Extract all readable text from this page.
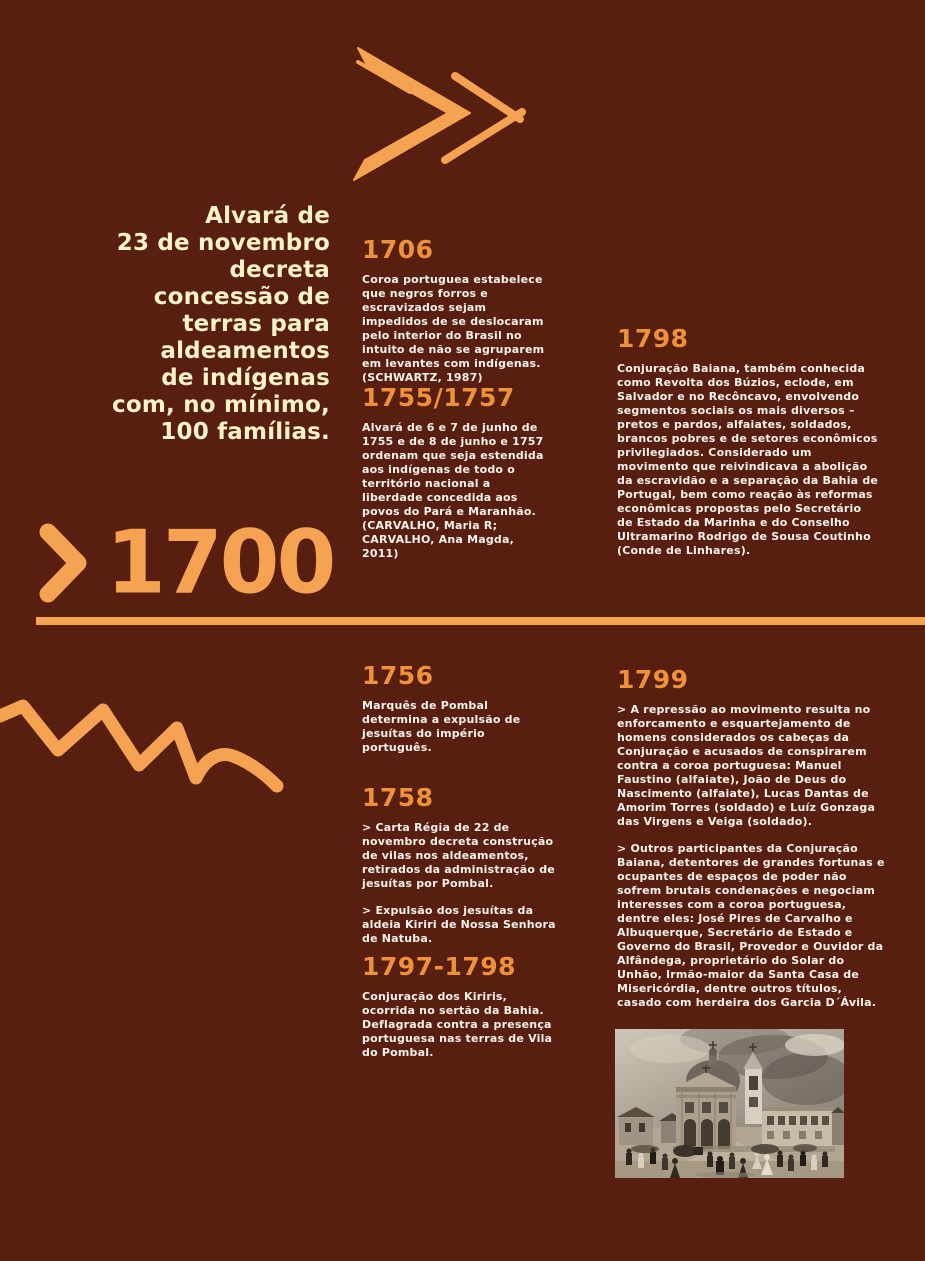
Alvará de
23 de novembro
decreta
concessão de
terras para
aldeamentos
de indígenas
com, no mínimo,
100 famílias.
1706
Coroa portuguea estabelece que negros forros e escravizados sejam impedidos de se deslocaram pelo interior do Brasil no intuito de não se agruparem em levantes com indígenas. (SCHWARTZ, 1987)
1755/1757
Alvará de 6 e 7 de junho de 1755 e de 8 de junho e 1757 ordenam que seja estendida aos indígenas de todo o território nacional a liberdade concedida aos povos do Pará e Maranhão. (CARVALHO, Maria R; CARVALHO, Ana Magda, 2011)
1798
Conjuração Baiana, também conhecida como Revolta dos Búzios, eclode, em Salvador e no Recôncavo, envolvendo segmentos sociais os mais diversos – pretos e pardos, alfaiates, soldados, brancos pobres e de setores econômicos privilegiados. Considerado um movimento que reivindicava a abolição da escravidão e a separação da Bahia de Portugal, bem como reação às reformas econômicas propostas pelo Secretário de Estado da Marinha e do Conselho Ultramarino Rodrigo de Sousa Coutinho (Conde de Linhares).
1700
1756
Marquês de Pombal determina a expulsão de jesuítas do império português.
1758
> Carta Régia de 22 de novembro decreta construção de vilas nos aldeamentos, retirados da administração de jesuítas por Pombal.
> Expulsão dos jesuítas da aldeia Kiriri de Nossa Senhora de Natuba.
1797-1798
Conjuração dos Kiriris, ocorrida no sertão da Bahia. Deflagrada contra a presença portuguesa nas terras de Vila do Pombal.
1799
> A repressão ao movimento resulta no enforcamento e esquartejamento de homens considerados os cabeças da Conjuração e acusados de conspirarem contra a coroa portuguesa: Manuel Faustino (alfaiate), João de Deus do Nascimento (alfaiate), Lucas Dantas de Amorim Torres (soldado) e Luíz Gonzaga das Virgens e Veiga (soldado).
> Outros participantes da Conjuração Baiana, detentores de grandes fortunas e ocupantes de espaços de poder não sofrem brutais condenações e negociam interesses com a coroa portuguesa, dentre eles: José Pires de Carvalho e Albuquerque, Secretário de Estado e Governo do Brasil, Provedor e Ouvidor da Alfândega, proprietário do Solar do Unhão, Irmão-maior da Santa Casa de Misericórdia, dentre outros títulos, casado com herdeira dos Garcia D´Ávila.
